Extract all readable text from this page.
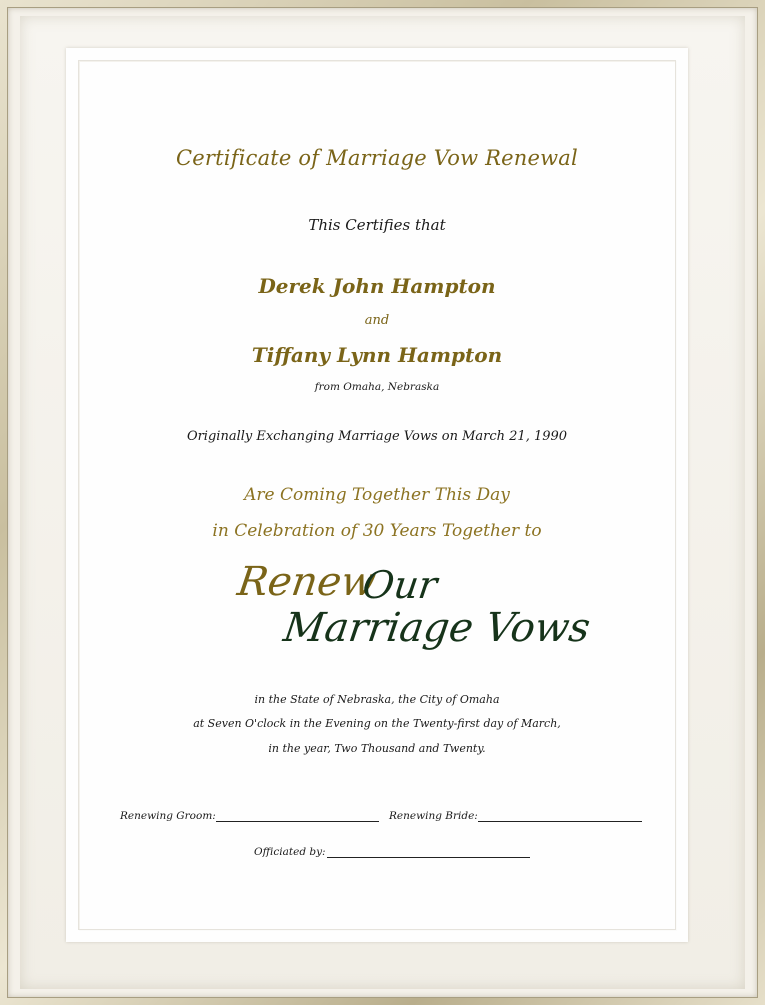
Certificate of Marriage Vow Renewal
This Certifies that
Derek John Hampton
and
Tiffany Lynn Hampton
from Omaha, Nebraska
Originally Exchanging Marriage Vows on March 21, 1990
Are Coming Together This Day
in Celebration of 30 Years Together to
Renew
Our
Marriage Vows
in the State of Nebraska, the City of Omaha
at Seven O'clock in the Evening on the Twenty-first day of March,
in the year, Two Thousand and Twenty.
Renewing Groom:	Renewing Bride:
Officiated by:
